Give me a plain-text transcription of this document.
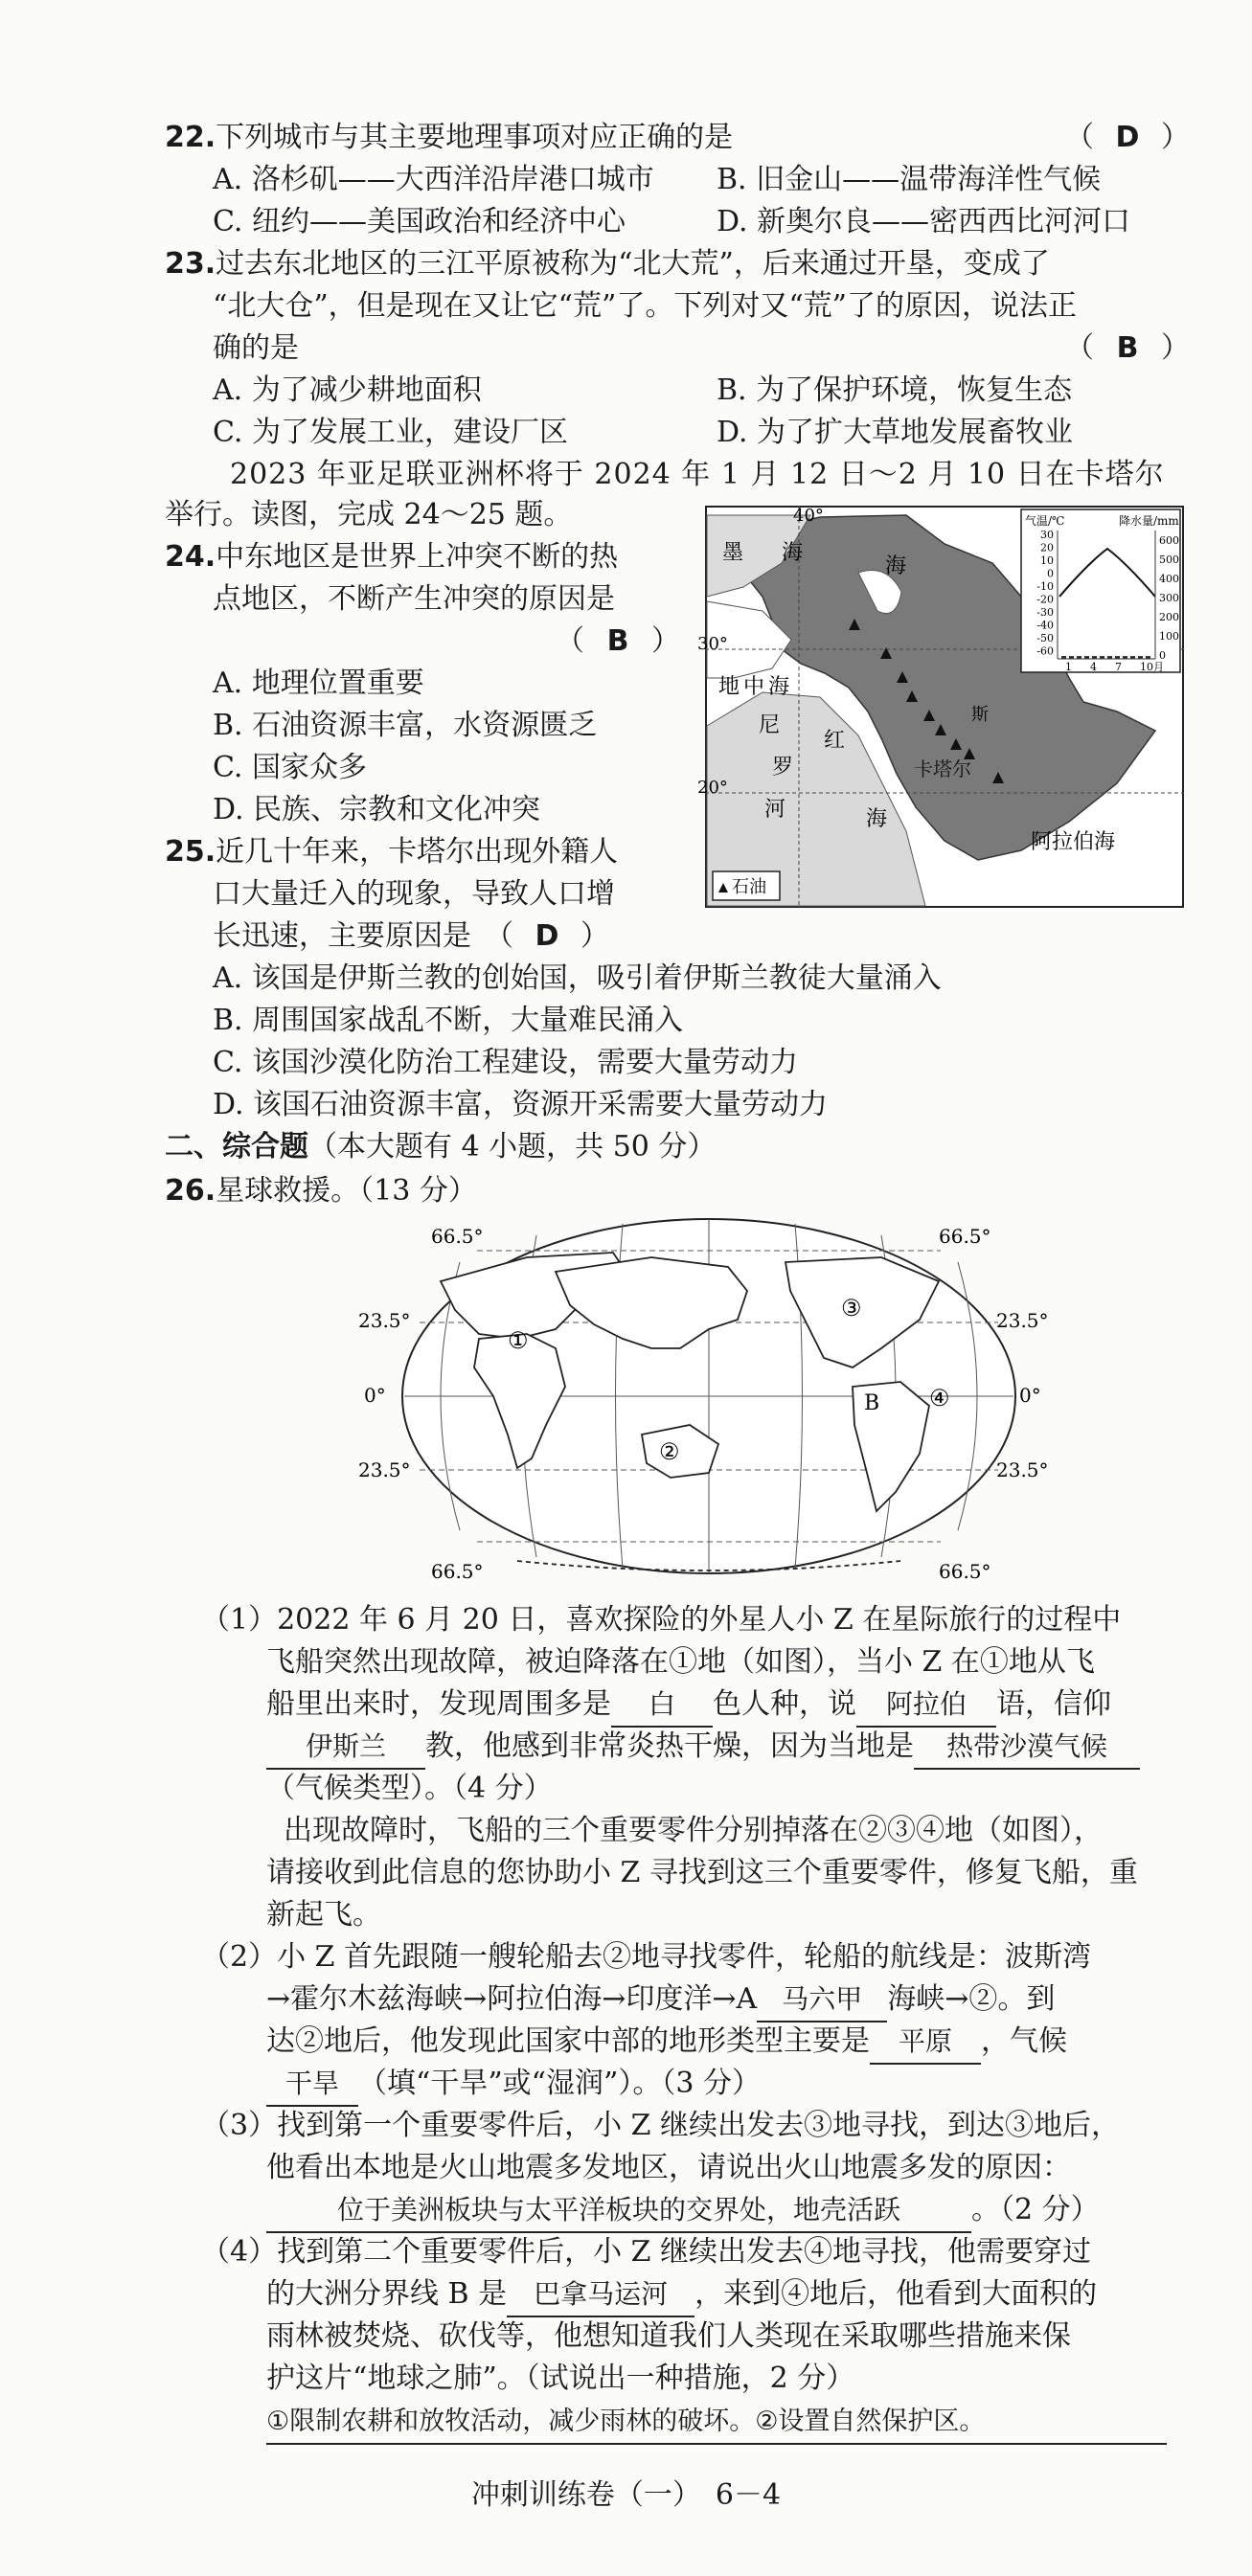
22.下列城市与其主要地理事项对应正确的是	（ D ）
A. 洛杉矶——大西洋沿岸港口城市 B. 旧金山——温带海洋性气候
C. 纽约——美国政治和经济中心	D. 新奥尔良——密西西比河河口
23.过去东北地区的三江平原被称为“北大荒”，后来通过开垦，变成了
“北大仓”，但是现在又让它“荒”了。下列对又“荒”了的原因，说法正
确的是	（ B ）
A. 为了减少耕地面积	B. 为了保护环境，恢复生态
C. 为了发展工业，建设厂区	D. 为了扩大草地发展畜牧业
2023 年亚足联亚洲杯将于 2024 年 1 月 12 日～2 月 10 日在卡塔尔
举行。读图，完成 24～25 题。	40°
墨 海
海
30°
地 中 海
尼
罗
河
红
海
20°
卡塔尔
斯
阿拉伯海
石油
气温/℃	降水量/mm
30
20
10
0
-10
-20
-30
-40
-50
-60
600
500
400
300
200
100
0
1 4 7 10月
24.中东地区是世界上冲突不断的热
点地区，不断产生冲突的原因是
（ B ）
A. 地理位置重要
B. 石油资源丰富，水资源匮乏
C. 国家众多
D. 民族、宗教和文化冲突
25.近几十年来，卡塔尔出现外籍人
口大量迁入的现象，导致人口增
长迅速，主要原因是 （ D ）
A. 该国是伊斯兰教的创始国，吸引着伊斯兰教徒大量涌入
B. 周围国家战乱不断，大量难民涌入
C. 该国沙漠化防治工程建设，需要大量劳动力
D. 该国石油资源丰富，资源开采需要大量劳动力
二、综合题（本大题有 4 小题，共 50 分）
26.星球救援。（13 分）
66.5°	66.5°
23.5°	23.5°
0°	0°
23.5°	23.5°
66.5°	66.5°
①
②
③
④
B
（1）2022 年 6 月 20 日，喜欢探险的外星人小 Z 在星际旅行的过程中
飞船突然出现故障，被迫降落在①地（如图），当小 Z 在①地从飞
船里出来时，发现周围多是 白 色人种，说 阿拉伯 语，信仰
伊斯兰 教，他感到非常炎热干燥，因为当地是 热带沙漠气候
（气候类型）。（4 分）
出现故障时，飞船的三个重要零件分别掉落在②③④地（如图），
请接收到此信息的您协助小 Z 寻找到这三个重要零件，修复飞船，重
新起飞。
（2）小 Z 首先跟随一艘轮船去②地寻找零件，轮船的航线是：波斯湾
→霍尔木兹海峡→阿拉伯海→印度洋→A 马六甲 海峡→②。到
达②地后，他发现此国家中部的地形类型主要是 平原 ，气候
干旱 （填“干旱”或“湿润”）。（3 分）
（3）找到第一个重要零件后，小 Z 继续出发去③地寻找，到达③地后，
他看出本地是火山地震多发地区，请说出火山地震多发的原因：
位于美洲板块与太平洋板块的交界处，地壳活跃 。（2 分）
（4）找到第二个重要零件后，小 Z 继续出发去④地寻找，他需要穿过
的大洲分界线 B 是 巴拿马运河 ，来到④地后，他看到大面积的
雨林被焚烧、砍伐等，他想知道我们人类现在采取哪些措施来保
护这片“地球之肺”。（试说出一种措施，2 分）
①限制农耕和放牧活动，减少雨林的破坏。②设置自然保护区。
冲刺训练卷（一）　6－4
